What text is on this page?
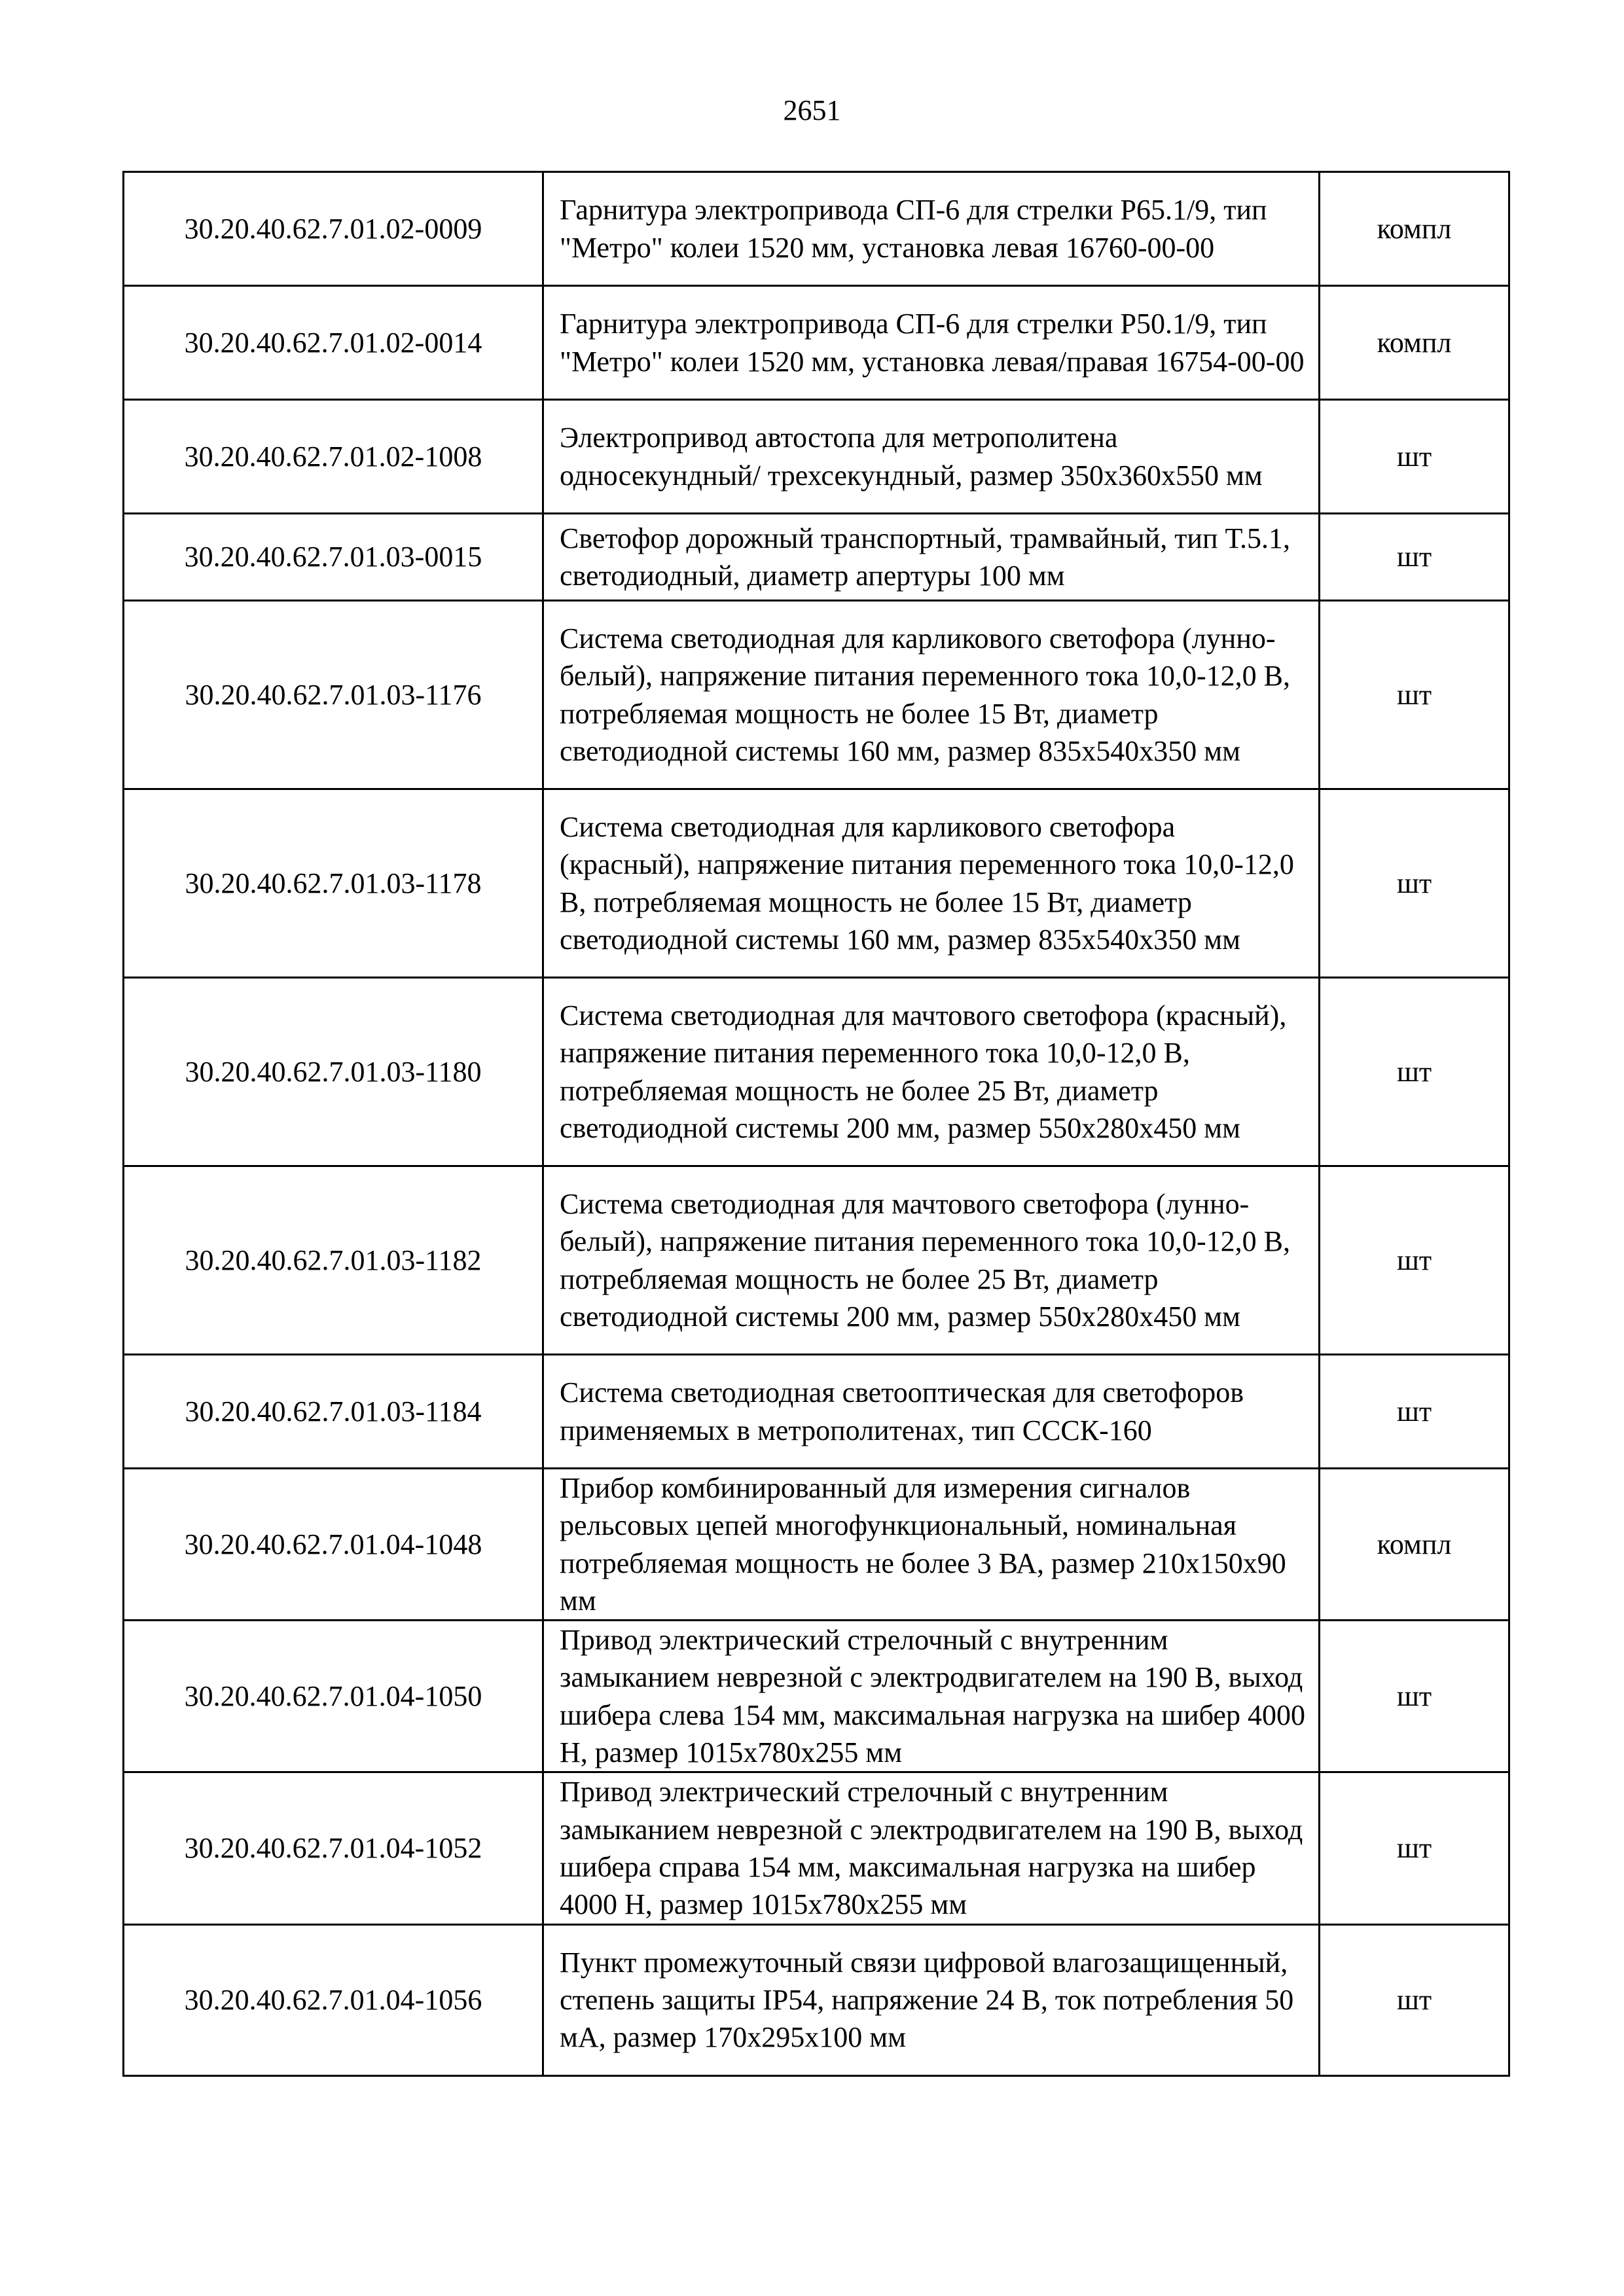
2651
30.20.40.62.7.01.02-0009	Гарнитура электропривода СП-6 для стрелки Р65.1/9, тип "Метро" колеи 1520 мм, установка левая 16760-00-00	компл
30.20.40.62.7.01.02-0014	Гарнитура электропривода СП-6 для стрелки Р50.1/9, тип "Метро" колеи 1520 мм, установка левая/правая 16754-00-00	компл
30.20.40.62.7.01.02-1008	Электропривод автостопа для метрополитена односекундный/ трехсекундный, размер 350х360х550 мм	шт
30.20.40.62.7.01.03-0015	Светофор дорожный транспортный, трамвайный, тип Т.5.1, светодиодный, диаметр апертуры 100 мм	шт
30.20.40.62.7.01.03-1176	Система светодиодная для карликового светофора (лунно-белый), напряжение питания переменного тока 10,0-12,0 В, потребляемая мощность не более 15 Вт, диаметр светодиодной системы 160 мм, размер 835х540х350 мм	шт
30.20.40.62.7.01.03-1178	Система светодиодная для карликового светофора (красный), напряжение питания переменного тока 10,0-12,0 В, потребляемая мощность не более 15 Вт, диаметр светодиодной системы 160 мм, размер 835х540х350 мм	шт
30.20.40.62.7.01.03-1180	Система светодиодная для мачтового светофора (красный), напряжение питания переменного тока 10,0-12,0 В, потребляемая мощность не более 25 Вт, диаметр светодиодной системы 200 мм, размер 550х280х450 мм	шт
30.20.40.62.7.01.03-1182	Система светодиодная для мачтового светофора (лунно-белый), напряжение питания переменного тока 10,0-12,0 В, потребляемая мощность не более 25 Вт, диаметр светодиодной системы 200 мм, размер 550х280х450 мм	шт
30.20.40.62.7.01.03-1184	Система светодиодная светооптическая для светофоров применяемых в метрополитенах, тип СССК-160	шт
30.20.40.62.7.01.04-1048	Прибор комбинированный для измерения сигналов рельсовых цепей многофункциональный, номинальная потребляемая мощность не более 3 ВА, размер 210х150х90 мм	компл
30.20.40.62.7.01.04-1050	Привод электрический стрелочный с внутренним замыканием неврезной с электродвигателем на 190 В, выход шибера слева 154 мм, максимальная нагрузка на шибер 4000 Н, размер 1015х780х255 мм	шт
30.20.40.62.7.01.04-1052	Привод электрический стрелочный с внутренним замыканием неврезной с электродвигателем на 190 В, выход шибера справа 154 мм, максимальная нагрузка на шибер 4000 Н, размер 1015х780х255 мм	шт
30.20.40.62.7.01.04-1056	Пункт промежуточный связи цифровой влагозащищенный, степень защиты IP54, напряжение 24 В, ток потребления 50 мА, размер 170х295х100 мм	шт
